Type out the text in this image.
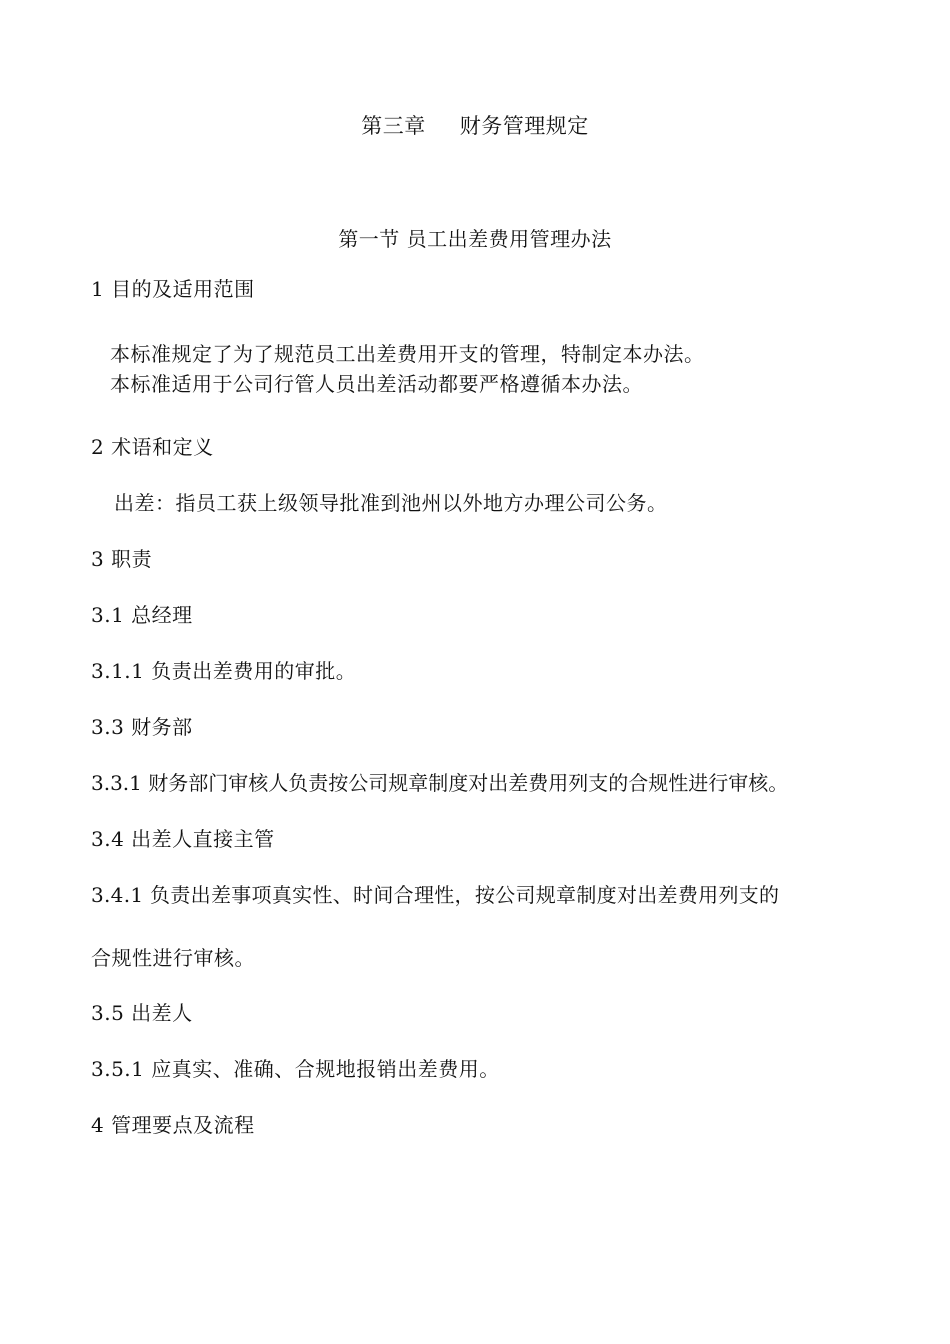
第三章 财务管理规定
第一节 员工出差费用管理办法
1 目的及适用范围
本标准规定了为了规范员工出差费用开支的管理，特制定本办法。
本标准适用于公司行管人员出差活动都要严格遵循本办法。
2 术语和定义
出差：指员工获上级领导批准到池州以外地方办理公司公务。
3 职责
3.1 总经理
3.1.1 负责出差费用的审批。
3.3 财务部
3.3.1 财务部门审核人负责按公司规章制度对出差费用列支的合规性进行审核。
3.4 出差人直接主管
3.4.1 负责出差事项真实性、时间合理性，按公司规章制度对出差费用列支的
合规性进行审核。
3.5 出差人
3.5.1 应真实、准确、合规地报销出差费用。
4 管理要点及流程
